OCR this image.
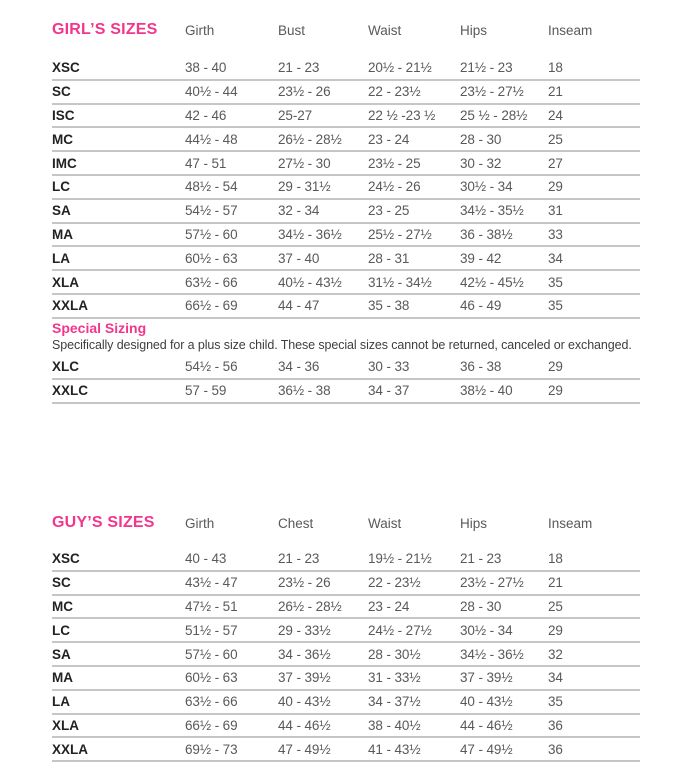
GIRL’S SIZES	Girth	Bust	Waist	Hips	Inseam
XSC	38 - 40	21 - 23	20½ - 21½	21½ - 23	18
SC	40½ - 44	23½ - 26	22 - 23½	23½ - 27½	21
ISC	42 - 46	25-27	22 ½ -23 ½	25 ½ - 28½	24
MC	44½ - 48	26½ - 28½	23 - 24	28 - 30	25
IMC	47 - 51	27½ - 30	23½ - 25	30 - 32	27
LC	48½ - 54	29 - 31½	24½ - 26	30½ - 34	29
SA	54½ - 57	32 - 34	23 - 25	34½ - 35½	31
MA	57½ - 60	34½ - 36½	25½ - 27½	36 - 38½	33
LA	60½ - 63	37 - 40	28 - 31	39 - 42	34
XLA	63½ - 66	40½ - 43½	31½ - 34½	42½ - 45½	35
XXLA	66½ - 69	44 - 47	35 - 38	46 - 49	35
Special Sizing
Specifically designed for a plus size child. These special sizes cannot be returned, canceled or exchanged.
XLC	54½ - 56	34 - 36	30 - 33	36 - 38	29
XXLC	57 - 59	36½ - 38	34 - 37	38½ - 40	29
GUY’S SIZES	Girth	Chest	Waist	Hips	Inseam
XSC	40 - 43	21 - 23	19½ - 21½	21 - 23	18
SC	43½ - 47	23½ - 26	22 - 23½	23½ - 27½	21
MC	47½ - 51	26½ - 28½	23 - 24	28 - 30	25
LC	51½ - 57	29 - 33½	24½ - 27½	30½ - 34	29
SA	57½ - 60	34 - 36½	28 - 30½	34½ - 36½	32
MA	60½ - 63	37 - 39½	31 - 33½	37 - 39½	34
LA	63½ - 66	40 - 43½	34 - 37½	40 - 43½	35
XLA	66½ - 69	44 - 46½	38 - 40½	44 - 46½	36
XXLA	69½ - 73	47 - 49½	41 - 43½	47 - 49½	36
